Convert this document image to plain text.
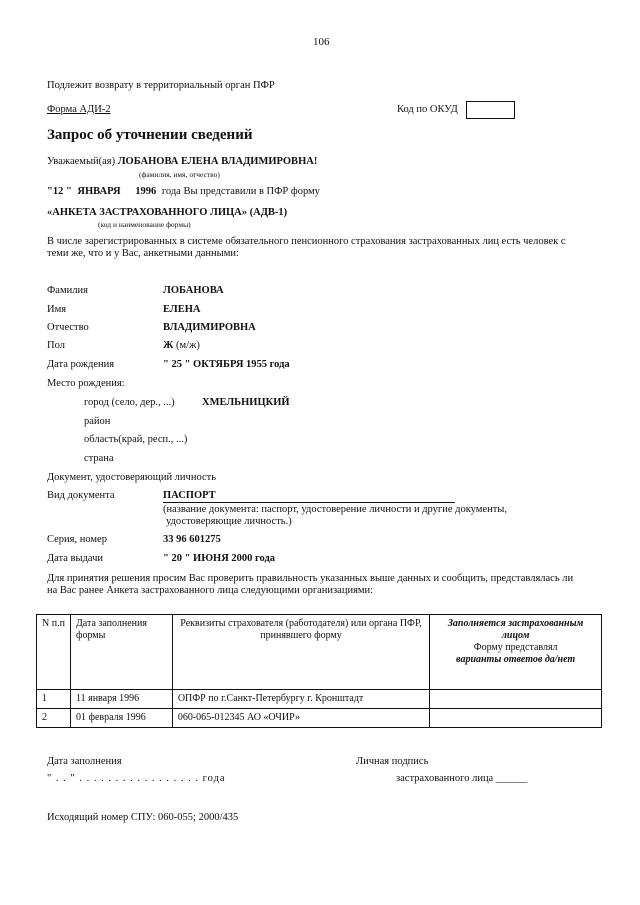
106
Подлежит возврату в территориальный орган ПФР
Форма АДИ-2	Код по ОКУД
Запрос об уточнении сведений
Уважаемый(ая) ЛОБАНОВА ЕЛЕНА ВЛАДИМИРОВНА!
(фамилия, имя, отчество)
"12 " ЯНВАРЯ 1996 года Вы представили в ПФР форму
«АНКЕТА ЗАСТРАХОВАННОГО ЛИЦА» (АДВ-1)
(код и наименование формы)
В числе зарегистрированных в системе обязательного пенсионного страхования застрахованных лиц есть человек с
теми же, что и у Вас, анкетными данными:
Фамилия	ЛОБАНОВА
Имя	ЕЛЕНА
Отчество	ВЛАДИМИРОВНА
Пол	Ж (м/ж)
Дата рождения	" 25 " ОКТЯБРЯ 1955 года
Место рождения:
город (село, дер., ...)	ХМЕЛЬНИЦКИЙ
район
область(край, респ., ...)
страна
Документ, удостоверяющий личность
Вид документа	ПАСПОРТ
(название документа: паспорт, удостоверение личности и другие документы,
удостоверяющие личность.)
Серия, номер	33 96 601275
Дата выдачи	" 20 " ИЮНЯ 2000 года
Для принятия решения просим Вас проверить правильность указанных выше данных и сообщить, представлялась ли
на Вас ранее Анкета застрахованного лица следующими организациями:
N п.п	Дата заполнения формы	Реквизиты страхователя (работодателя) или органа ПФР, принявшего форму	Заполняется застрахованным лицом
Форму представлял
варианты ответов да/нет

1	11 января 1996	ОПФР по г.Санкт-Петербургу г. Кронштадт	
2	01 февраля 1996	060-065-012345 АО «ОЧИР»	
Дата заполнения	Личная подпись
" . . " . . . . . . . . . . . . . . . . . года	застрахованного лица ______
Исходящий номер СПУ: 060-055; 2000/435
